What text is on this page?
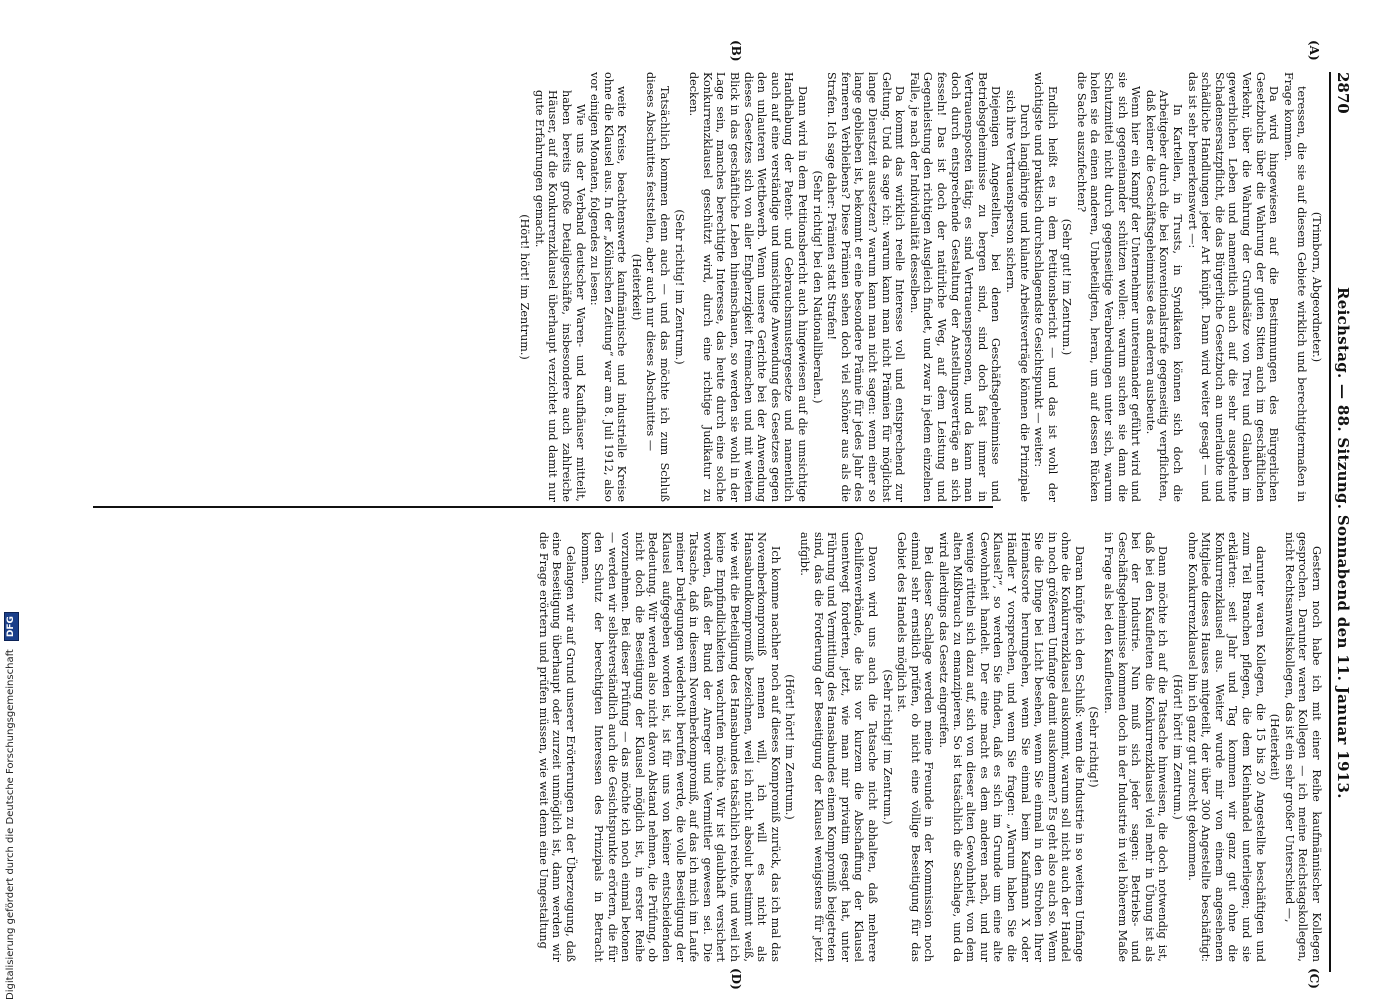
2870
Reichstag. — 88. Sitzung. Sonnabend den 11. Januar 1913.
(A)
(B)
(C)
(D)

(Trimborn, Abgeordneter.)

teressen, die sie auf diesem Gebiete wirklich und berechtigtermaßen in Frage kommen.

Da wird hingewiesen auf die Bestimmungen des Bürgerlichen Gesetzbuchs über die Wahrung der guten Sitten auch im geschäftlichen Verkehr, über die Wahrung der Grundsätze von Treu und Glauben im gewerblichen Leben und namentlich auch auf die sehr ausgedehnte Schadensersatzpflicht, die das Bürgerliche Gesetzbuch an unerlaubte und schädliche Handlungen jeder Art knüpft. Dann wird weiter gesagt — und das ist sehr bemerkenswert —:

In Kartellen, in Trusts, in Syndikaten können sich doch die Arbeitgeber durch die bei Konventionalstrafe gegenseitig verpflichten, daß keiner die Geschäftsgeheimnisse des anderen ausbeute.

Wenn hier ein Kampf der Unternehmer untereinander geführt wird und sie sich gegeneinander schützen wollen: warum suchen sie dann die Schutzmittel nicht durch gegenseitige Verabredungen unter sich, warum holen sie da einen anderen, Unbeteiligten, heran, um auf dessen Rücken die Sache auszufechten?

(Sehr gut! im Zentrum.)

Endlich heißt es in dem Petitionsbericht — und das ist wohl der wichtigste und praktisch durchschlagendste Gesichtspunkt — weiter:

Durch langjährige und kulante Arbeitsverträge können die Prinzipale sich ihre Vertrauensperson sichern.

Diejenigen Angestellten, bei denen Geschäftsgeheimnisse und Betriebsgeheimnisse zu bergen sind, sind doch fast immer in Vertrauensposten tätig; es sind Vertrauenspersonen, und da kann man doch durch entsprechende Gestaltung der Anstellungsverträge an sich fesseln! Das ist doch der natürliche Weg, auf dem Leistung und Gegenleistung den richtigen Ausgleich findet, und zwar in jedem einzelnen Falle, je nach der Individualität desselben.

Da kommt das wirklich reelle Interesse voll und entsprechend zur Geltung. Und da sage ich: warum kann man nicht Prämien für möglichst lange Dienstzeit aussetzen? warum kann man nicht sagen: wenn einer so lange geblieben ist, bekommt er eine besondere Prämie für jedes Jahr des ferneren Verbleibens? Diese Prämien sehen doch viel schöner aus als die Strafen. Ich sage daher: Prämien statt Strafen!

(Sehr richtig! bei den Nationalliberalen.)

Dann wird in dem Petitionsbericht auch hingewiesen auf die umsichtige Handhabung der Patent- und Gebrauchsmustergesetze und namentlich auch auf eine verständige und umsichtige Anwendung des Gesetzes gegen den unlauteren Wettbewerb. Wenn unsere Gerichte bei der Anwendung dieses Gesetzes sich von aller Engherzigkeit freimachen und mit weitem Blick in das geschäftliche Leben hineinschauen, so werden sie wohl in der Lage sein, manches berechtigte Interesse, das heute durch eine solche Konkurrenzklausel geschützt wird, durch eine richtige Judikatur zu decken.

(Sehr richtig! im Zentrum.)

Tatsächlich kommen denn auch — und das möchte ich zum Schluß dieses Abschnittes feststellen, aber auch nur dieses Abschnittes —

(Heiterkeit)

weite Kreise, beachtenswerte kaufmännische und industrielle Kreise ohne die Klausel aus. In der „Kölnischen Zeitung“ war am 8. Juli 1912, also vor einigen Monaten, folgendes zu lesen:

Wie uns der Verband deutscher Waren- und Kaufhäuser mitteilt, haben bereits große Detailgeschäfte, insbesondere auch zahlreiche Häuser, auf die Konkurrenzklausel überhaupt verzichtet und damit nur gute Erfahrungen gemacht.

(Hört! hört! im Zentrum.)

Gestern noch habe ich mit einer Reihe kaufmännischer Kollegen gesprochen. Darunter waren Kollegen — ich meine Reichstagskollegen, nicht Rechtsanwaltskollegen, das ist ein sehr großer Unterschied —,

(Heiterkeit)

darunter waren Kollegen, die 15 bis 20 Angestellte beschäftigen und zum Teil Branchen pflegen, die dem Kleinhandel unterliegen; und sie erklärten: seit Jahr und Tag kommen wir ganz gut ohne die Konkurrenzklausel aus. Weiter wurde mir von einem angesehenen Mitgliede dieses Hauses mitgeteilt, der über 300 Angestellte beschäftigt: ohne Konkurrenzklausel bin ich ganz gut zurecht gekommen.

(Hört! hört! im Zentrum.)

Dann möchte ich auf die Tatsache hinweisen, die doch notwendig ist, daß bei den Kaufleuten die Konkurrenzklausel viel mehr in Übung ist als bei der Industrie. Nun muß sich jeder sagen: Betriebs- und Geschäftsgeheimnisse kommen doch in der Industrie in viel höherem Maße in Frage als bei den Kaufleuten.

(Sehr richtig!)

Daran knüpfe ich den Schluß: wenn die Industrie in so weitem Umfange ohne die Konkurrenzklausel auskommt, warum soll nicht auch der Handel in noch größerem Umfange damit auskommen? Es geht also auch so. Wenn Sie die Dinge bei Licht besehen, wenn Sie einmal in den Strohen Ihrer Heimatsorte herumgehen, wenn Sie einmal beim Kaufmann X oder Händler Y vorsprechen, und wenn Sie fragen: „Warum haben Sie die Klausel?“, so werden Sie finden, daß es sich im Grunde um eine alte Gewohnheit handelt. Der eine macht es dem anderen nach, und nur wenige rütteln sich dazu auf, sich von dieser alten Gewohnheit, von dem alten Mißbrauch zu emanzipieren. So ist tatsächlich die Sachlage, und da wird allerdings das Gesetz eingreifen.

Bei dieser Sachlage werden meine Freunde in der Kommission noch einmal sehr ernstlich prüfen, ob nicht eine völlige Beseitigung für das Gebiet des Handels möglich ist.

(Sehr richtig! im Zentrum.)

Davon wird uns auch die Tatsache nicht abhalten, daß mehrere Gehilfenverbände, die bis vor kurzem die Abschaffung der Klausel unentwegt forderten, jetzt, wie man mir privatim gesagt hat, unter Führung und Vermittlung des Hansabundes einem Kompromiß beigetreten sind, das die Forderung der Beseitigung der Klausel wenigstens für jetzt aufgibt.

(Hört! hört! im Zentrum.)

Ich komme nachher noch auf dieses Kompromiß zurück, das ich mal das Novemberkompromiß nennen will, ich will es nicht als Hansabundkompromiß bezeichnen, weil ich nicht absolut bestimmt weiß, wie weit die Beteiligung des Hansabundes tatsächlich reichte, und weil ich keine Empfindlichkeiten wachrufen möchte. Wir ist glaubhaft versichert worden, daß der Bund der Anreger und Vermittler gewesen sei. Die Tatsache, daß in diesem Novemberkompromiß, auf das ich mich im Laufe meiner Darlegungen wiederholt berufen werde, die volle Beseitigung der Klausel aufgegeben worden ist, ist für uns von keiner entscheidenden Bedeutung. Wir werden also nicht davon Abstand nehmen, die Prüfung, ob nicht doch die Beseitigung der Klausel möglich ist, in erster Reihe vorzunehmen. Bei dieser Prüfung — das möchte ich noch einmal betonen — werden wir selbstverständlich auch die Gesichtspunkte erörtern, die für den Schutz der berechtigten Interessen des Prinzipals in Betracht kommen.

Gelangen wir auf Grund unserer Erörterungen zu der Überzeugung, daß eine Beseitigung überhaupt oder zurzeit unmöglich ist, dann werden wir die Frage erörtern und prüfen müssen, wie weit denn eine Umgestaltung

Digitalisierung gefördert durch die Deutsche Forschungsgemeinschaft
DFG
